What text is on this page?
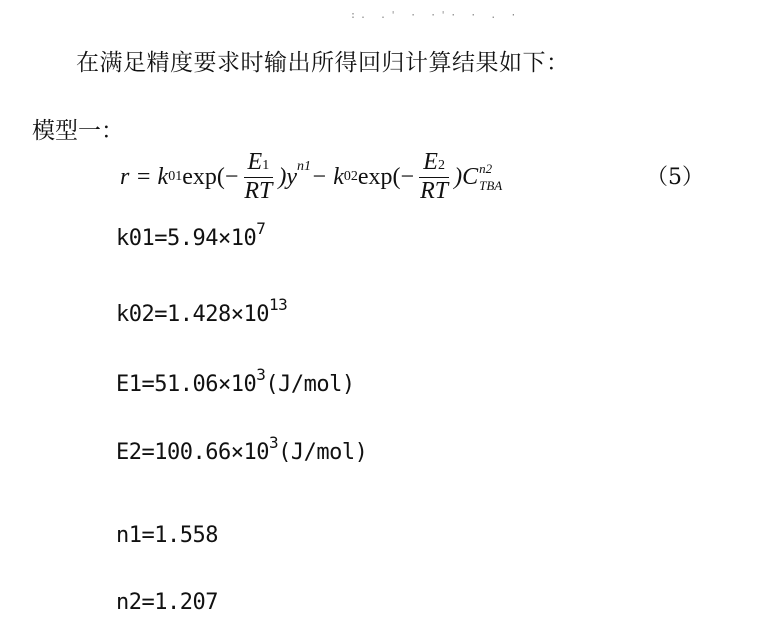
:. .' · ·'· · . ·
在满足精度要求时输出所得回归计算结果如下：
模型一：
r = k 01 $\exp(- \frac{E1}{RT} )y$ n1 − k 02 $\exp(- \frac{E2}{RT} )C$ n2
TBA	（5）
$k01=5.94\times 10^7$
$k02=1.428\times 10^{13}$
$E1=51.06\times 10^3(J/mol)$
$E2=100.66\times 10^3(J/mol)$
n1=1.558
n2=1.207
